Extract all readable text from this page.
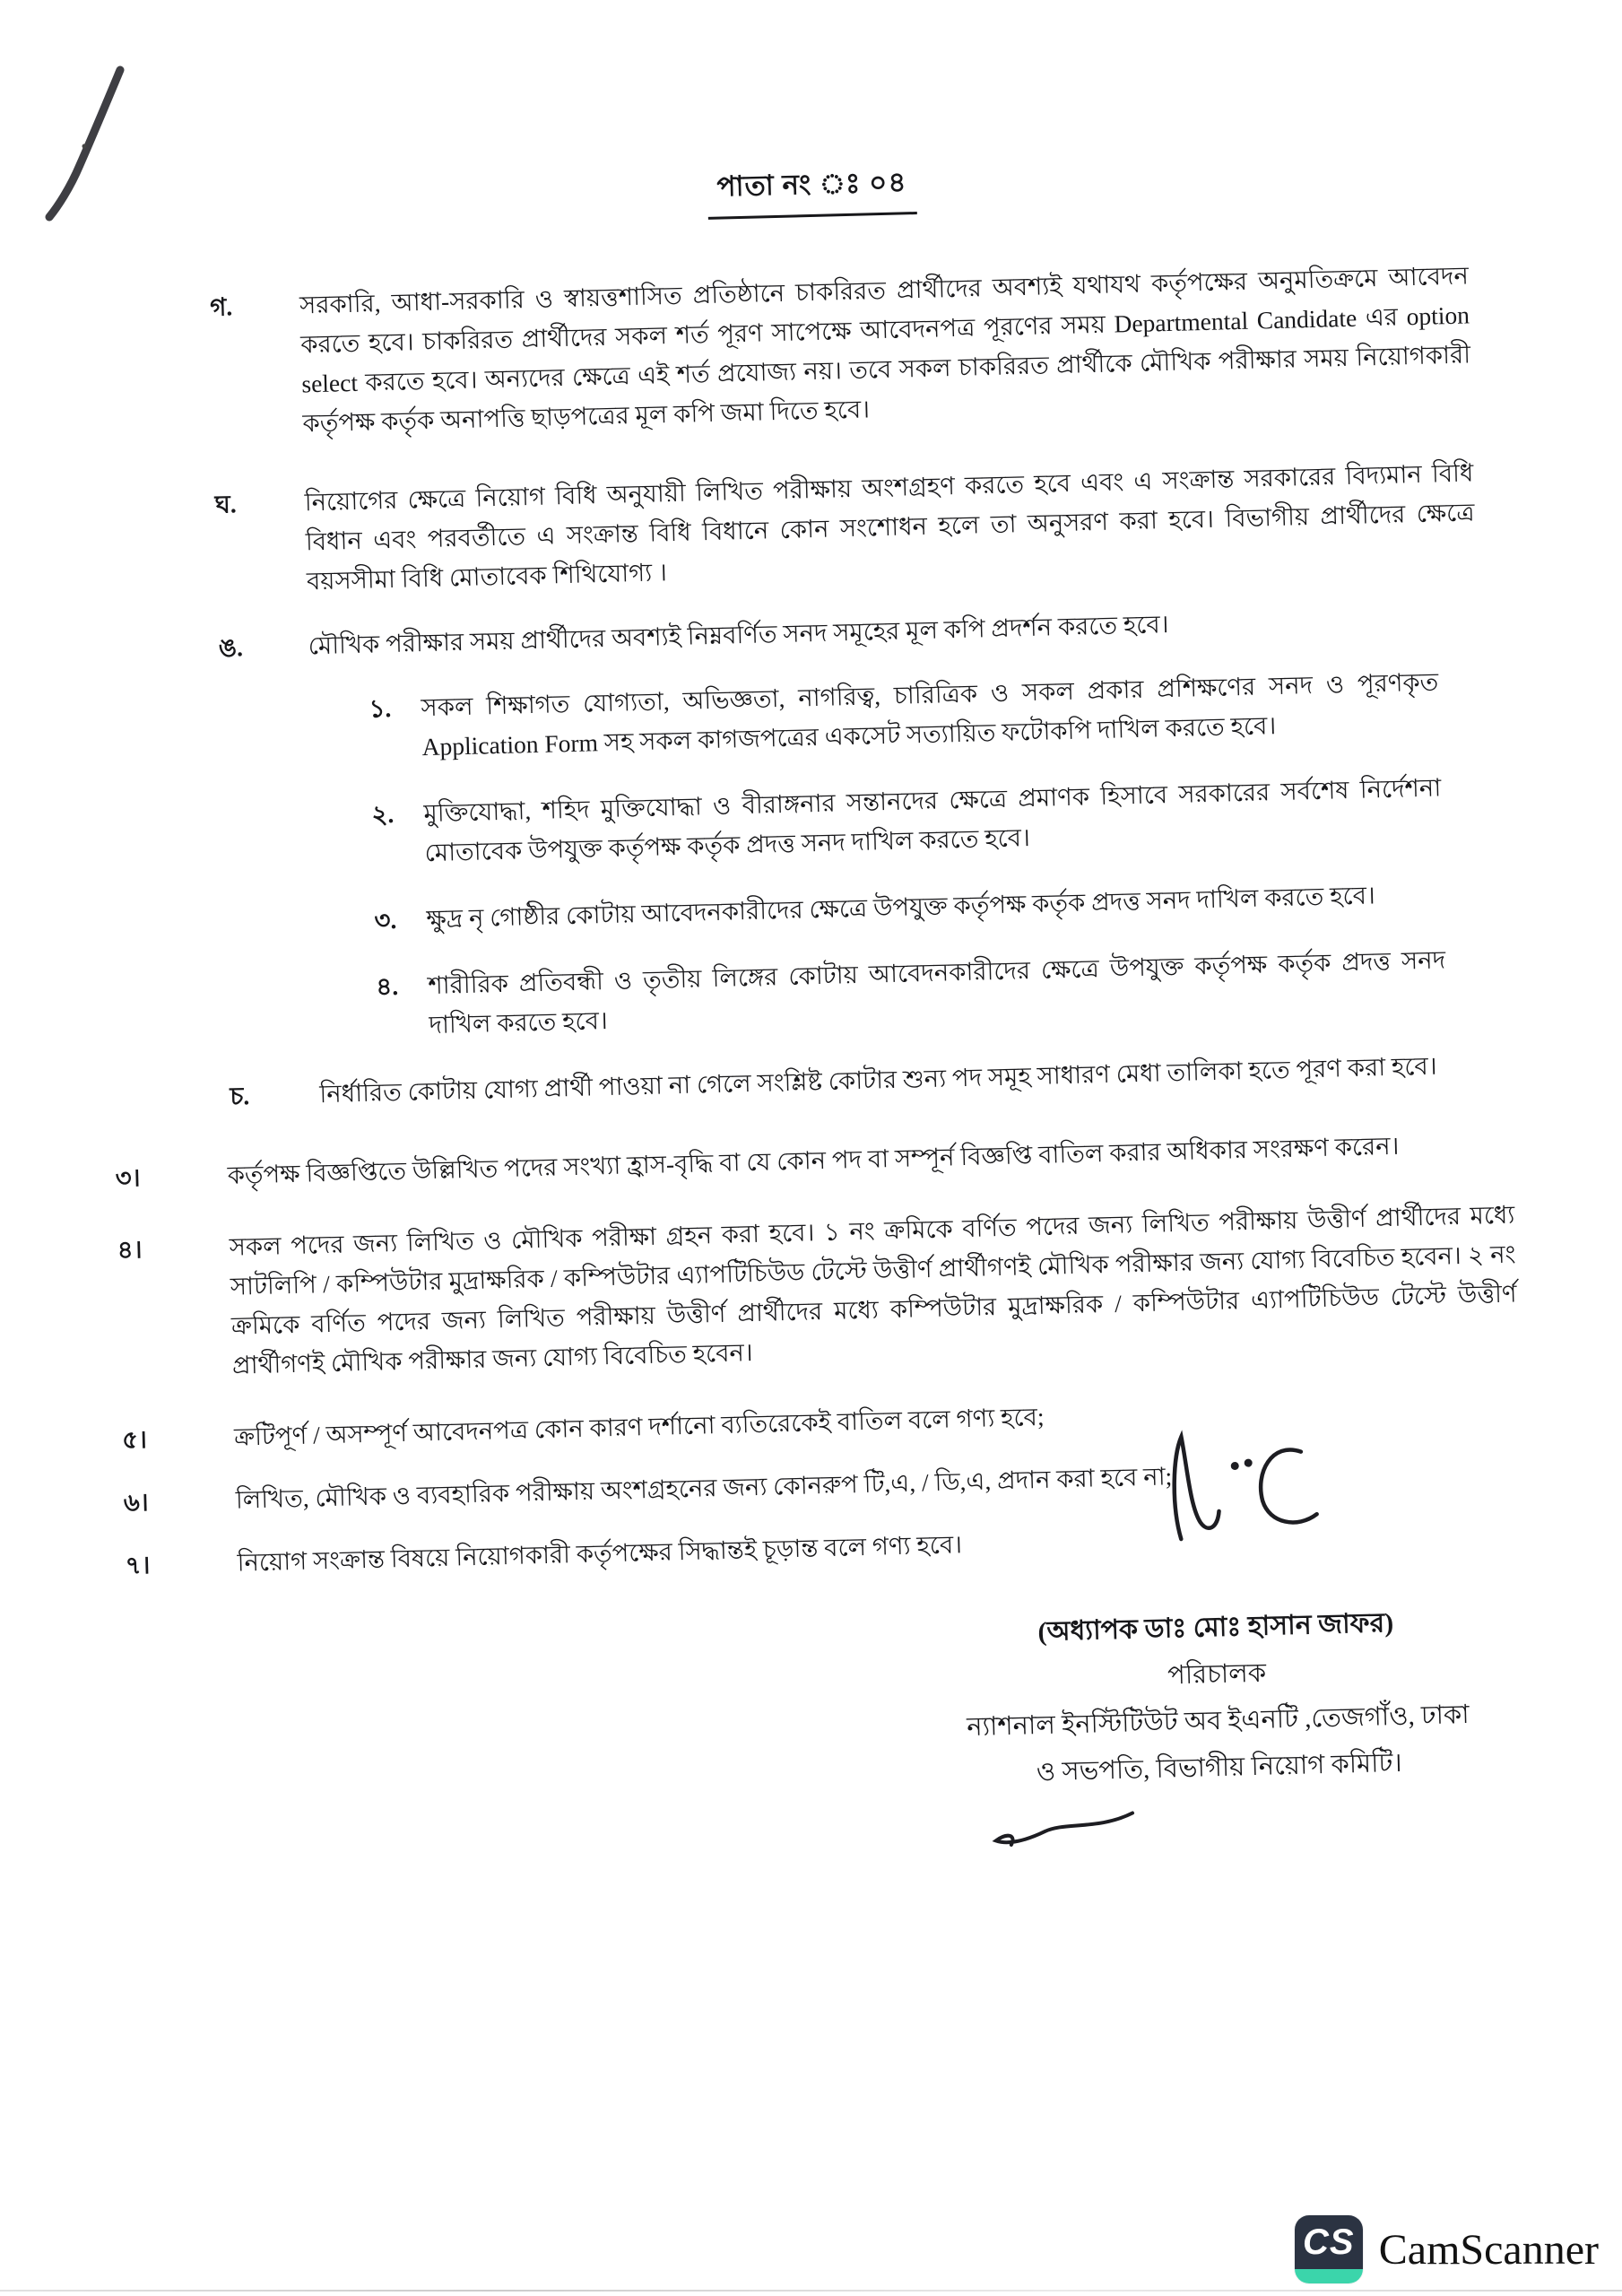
পাতা নং ঃ ০৪
গ.	সরকারি, আধা-সরকারি ও স্বায়ত্তশাসিত প্রতিষ্ঠানে চাকরিরত প্রার্থীদের অবশ্যই যথাযথ কর্তৃপক্ষের অনুমতিক্রমে আবেদন করতে হবে। চাকরিরত প্রার্থীদের সকল শর্ত পূরণ সাপেক্ষে আবেদনপত্র পূরণের সময় Departmental Candidate এর option select করতে হবে। অন্যদের ক্ষেত্রে এই শর্ত প্রযোজ্য নয়। তবে সকল চাকরিরত প্রার্থীকে মৌখিক পরীক্ষার সময় নিয়োগকারী কর্তৃপক্ষ কর্তৃক অনাপত্তি ছাড়পত্রের মূল কপি জমা দিতে হবে।

ঘ.	নিয়োগের ক্ষেত্রে নিয়োগ বিধি অনুযায়ী লিখিত পরীক্ষায় অংশগ্রহণ করতে হবে এবং এ সংক্রান্ত সরকারের বিদ্যমান বিধি বিধান এবং পরবর্তীতে এ সংক্রান্ত বিধি বিধানে কোন সংশোধন হলে তা অনুসরণ করা হবে। বিভাগীয় প্রার্থীদের ক্ষেত্রে বয়সসীমা বিধি মোতাবেক শিথিযোগ্য ।

ঙ.	মৌখিক পরীক্ষার সময় প্রার্থীদের অবশ্যই নিম্নবর্ণিত সনদ সমূহের মূল কপি প্রদর্শন করতে হবে।

১.	সকল শিক্ষাগত যোগ্যতা, অভিজ্ঞতা, নাগরিত্ব, চারিত্রিক ও সকল প্রকার প্রশিক্ষণের সনদ ও পূরণকৃত Application Form সহ সকল কাগজপত্রের একসেট সত্যায়িত ফটোকপি দাখিল করতে হবে।

২.	মুক্তিযোদ্ধা, শহিদ মুক্তিযোদ্ধা ও বীরাঙ্গনার সন্তানদের ক্ষেত্রে প্রমাণক হিসাবে সরকারের সর্বশেষ নির্দেশনা মোতাবেক উপযুক্ত কর্তৃপক্ষ কর্তৃক প্রদত্ত সনদ দাখিল করতে হবে।

৩.	ক্ষুদ্র নৃ গোষ্ঠীর কোটায় আবেদনকারীদের ক্ষেত্রে উপযুক্ত কর্তৃপক্ষ কর্তৃক প্রদত্ত সনদ দাখিল করতে হবে।

৪.	শারীরিক প্রতিবন্ধী ও তৃতীয় লিঙ্গের কোটায় আবেদনকারীদের ক্ষেত্রে উপযুক্ত কর্তৃপক্ষ কর্তৃক প্রদত্ত সনদ দাখিল করতে হবে।

চ.	নির্ধারিত কোটায় যোগ্য প্রার্থী পাওয়া না গেলে সংশ্লিষ্ট কোটার শুন্য পদ সমূহ সাধারণ মেধা তালিকা হতে পূরণ করা হবে।

৩।	কর্তৃপক্ষ বিজ্ঞপ্তিতে উল্লিখিত পদের সংখ্যা হ্রাস-বৃদ্ধি বা যে কোন পদ বা সম্পূর্ন বিজ্ঞপ্তি বাতিল করার অধিকার সংরক্ষণ করেন।

৪।	সকল পদের জন্য লিখিত ও মৌখিক পরীক্ষা গ্রহন করা হবে। ১ নং ক্রমিকে বর্ণিত পদের জন্য লিখিত পরীক্ষায় উত্তীর্ণ প্রার্থীদের মধ্যে সাটলিপি / কম্পিউটার মুদ্রাক্ষরিক / কম্পিউটার এ্যাপটিচিউড টেস্টে উত্তীর্ণ প্রার্থীগণই মৌখিক পরীক্ষার জন্য যোগ্য বিবেচিত হবেন। ২ নং ক্রমিকে বর্ণিত পদের জন্য লিখিত পরীক্ষায় উত্তীর্ণ প্রার্থীদের মধ্যে কম্পিউটার মুদ্রাক্ষরিক / কম্পিউটার এ্যাপটিচিউড টেস্টে উত্তীর্ণ প্রার্থীগণই মৌখিক পরীক্ষার জন্য যোগ্য বিবেচিত হবেন।

৫।	ক্রটিপূর্ণ / অসম্পূর্ণ আবেদনপত্র কোন কারণ দর্শানো ব্যতিরেকেই বাতিল বলে গণ্য হবে;

৬।	লিখিত, মৌখিক ও ব্যবহারিক পরীক্ষায় অংশগ্রহনের জন্য কোনরুপ টি,এ, / ডি,এ, প্রদান করা হবে না;

৭।	নিয়োগ সংক্রান্ত বিষয়ে নিয়োগকারী কর্তৃপক্ষের সিদ্ধান্তই চূড়ান্ত বলে গণ্য হবে।

(অধ্যাপক ডাঃ মোঃ হাসান জাফর)

পরিচালক

ন্যাশনাল ইনস্টিটিউট অব ইএনটি ,তেজগাঁও, ঢাকা

ও সভপতি, বিভাগীয় নিয়োগ কমিটি।

CS CamScanner
